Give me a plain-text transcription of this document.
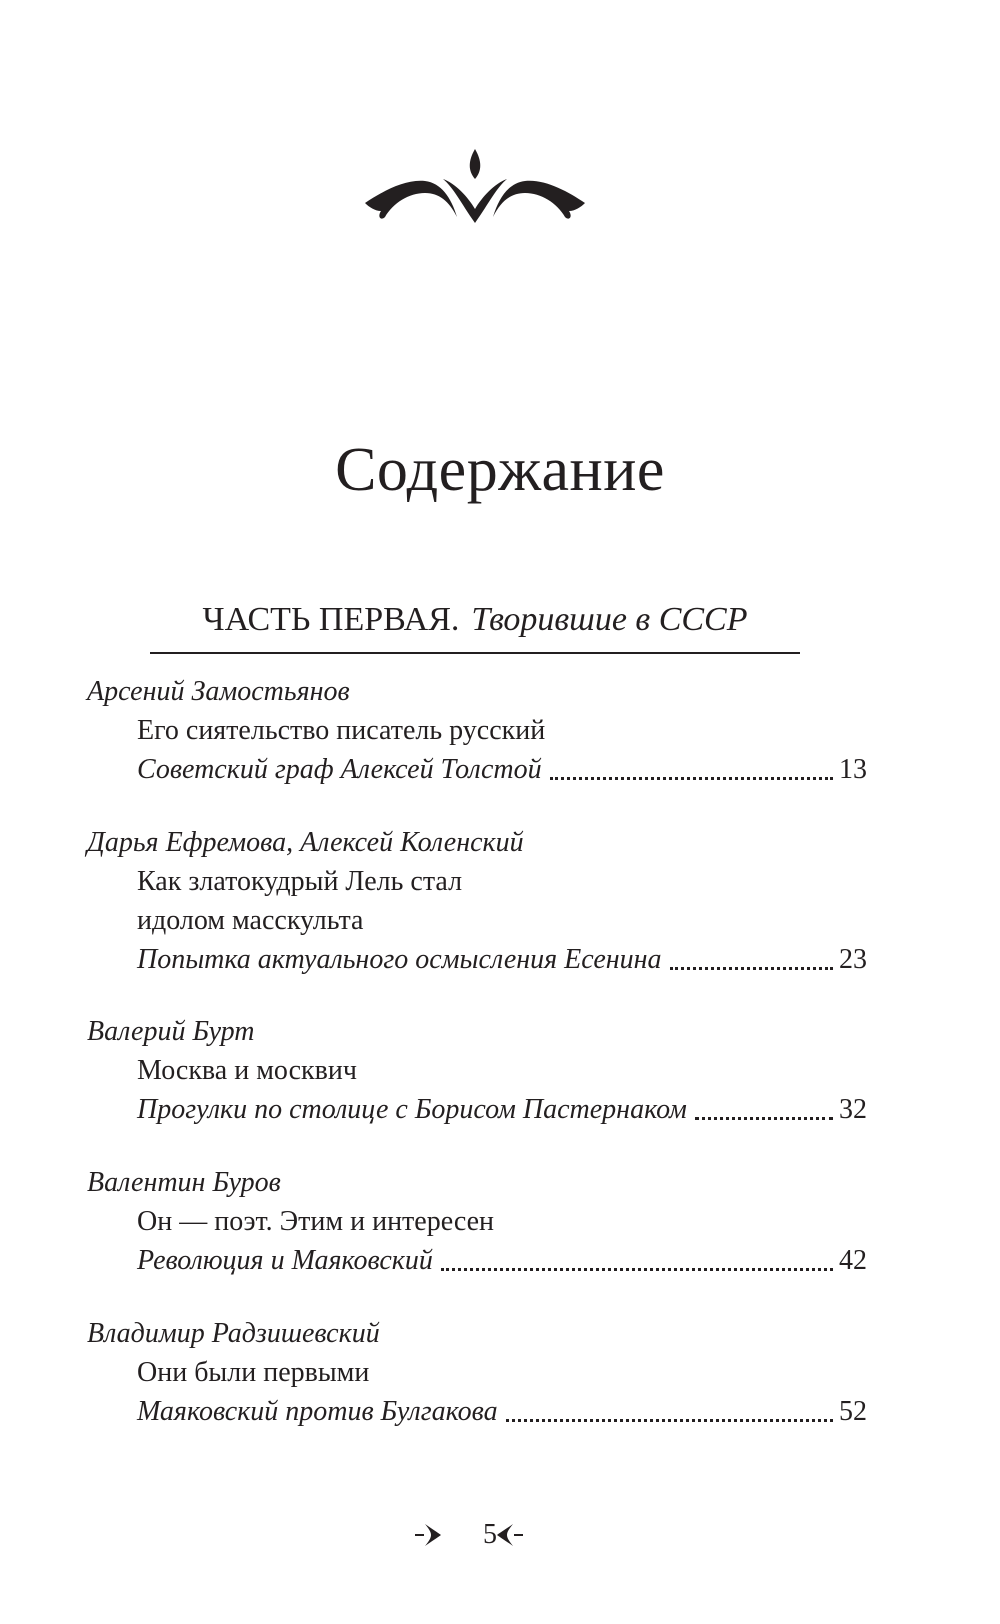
Содержание
ЧАСТЬ ПЕРВАЯ. Творившие в СССР
Арсений Замостьянов
Его сиятельство писатель русский
Советский граф Алексей Толстой	13
Дарья Ефремова, Алексей Коленский
Как златокудрый Лель стал
идолом масскульта
Попытка актуального осмысления Есенина	23
Валерий Бурт
Москва и москвич
Прогулки по столице с Борисом Пастернаком	32
Валентин Буров
Он — поэт. Этим и интересен
Революция и Маяковский	42
Владимир Радзишевский
Они были первыми
Маяковский против Булгакова	52
5
